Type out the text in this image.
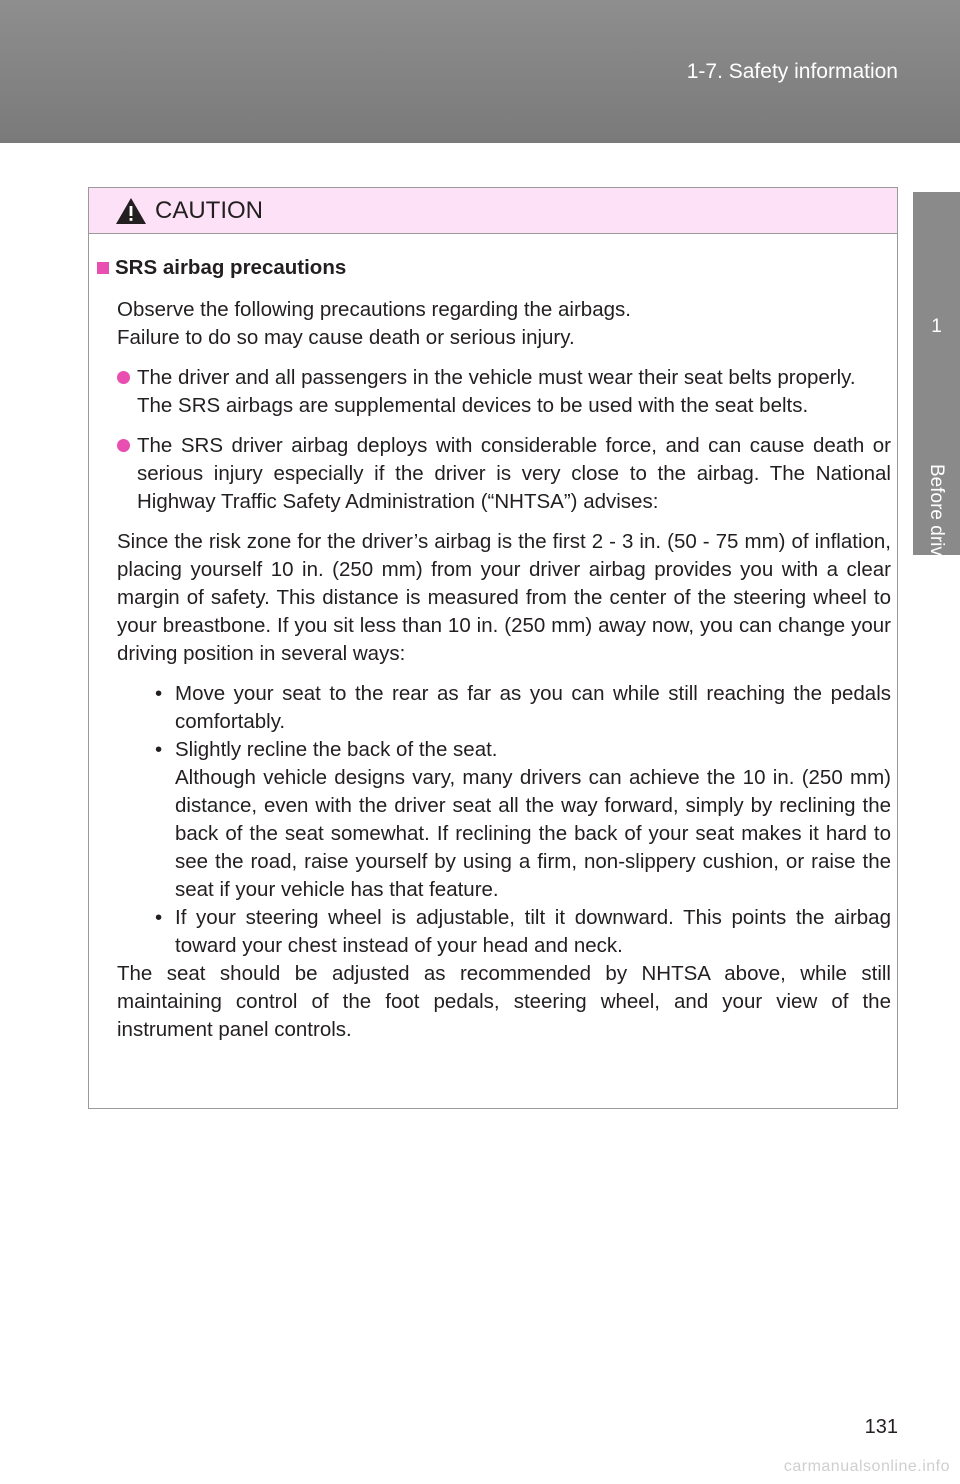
1-7. Safety information
1
Before driving
CAUTION

SRS airbag precautions

Observe the following precautions regarding the airbags.

Failure to do so may cause death or serious injury.

The driver and all passengers in the vehicle must wear their seat belts properly.

The SRS airbags are supplemental devices to be used with the seat belts.

The SRS driver airbag deploys with considerable force, and can cause death or serious injury especially if the driver is very close to the airbag. The National Highway Traffic Safety Administration (“NHTSA”) advises:

Since the risk zone for the driver’s airbag is the first 2 - 3 in. (50 - 75 mm) of inflation, placing yourself 10 in. (250 mm) from your driver airbag provides you with a clear margin of safety. This distance is measured from the center of the steering wheel to your breastbone. If you sit less than 10 in. (250 mm) away now, you can change your driving position in several ways:

• Move your seat to the rear as far as you can while still reaching the pedals comfortably.

• Slightly recline the back of the seat.

Although vehicle designs vary, many drivers can achieve the 10 in. (250 mm) distance, even with the driver seat all the way forward, simply by reclining the back of the seat somewhat. If reclining the back of your seat makes it hard to see the road, raise yourself by using a firm, non-slippery cushion, or raise the seat if your vehicle has that feature.

• If your steering wheel is adjustable, tilt it downward. This points the airbag toward your chest instead of your head and neck.

The seat should be adjusted as recommended by NHTSA above, while still maintaining control of the foot pedals, steering wheel, and your view of the instrument panel controls.

131
carmanualsonline.info
